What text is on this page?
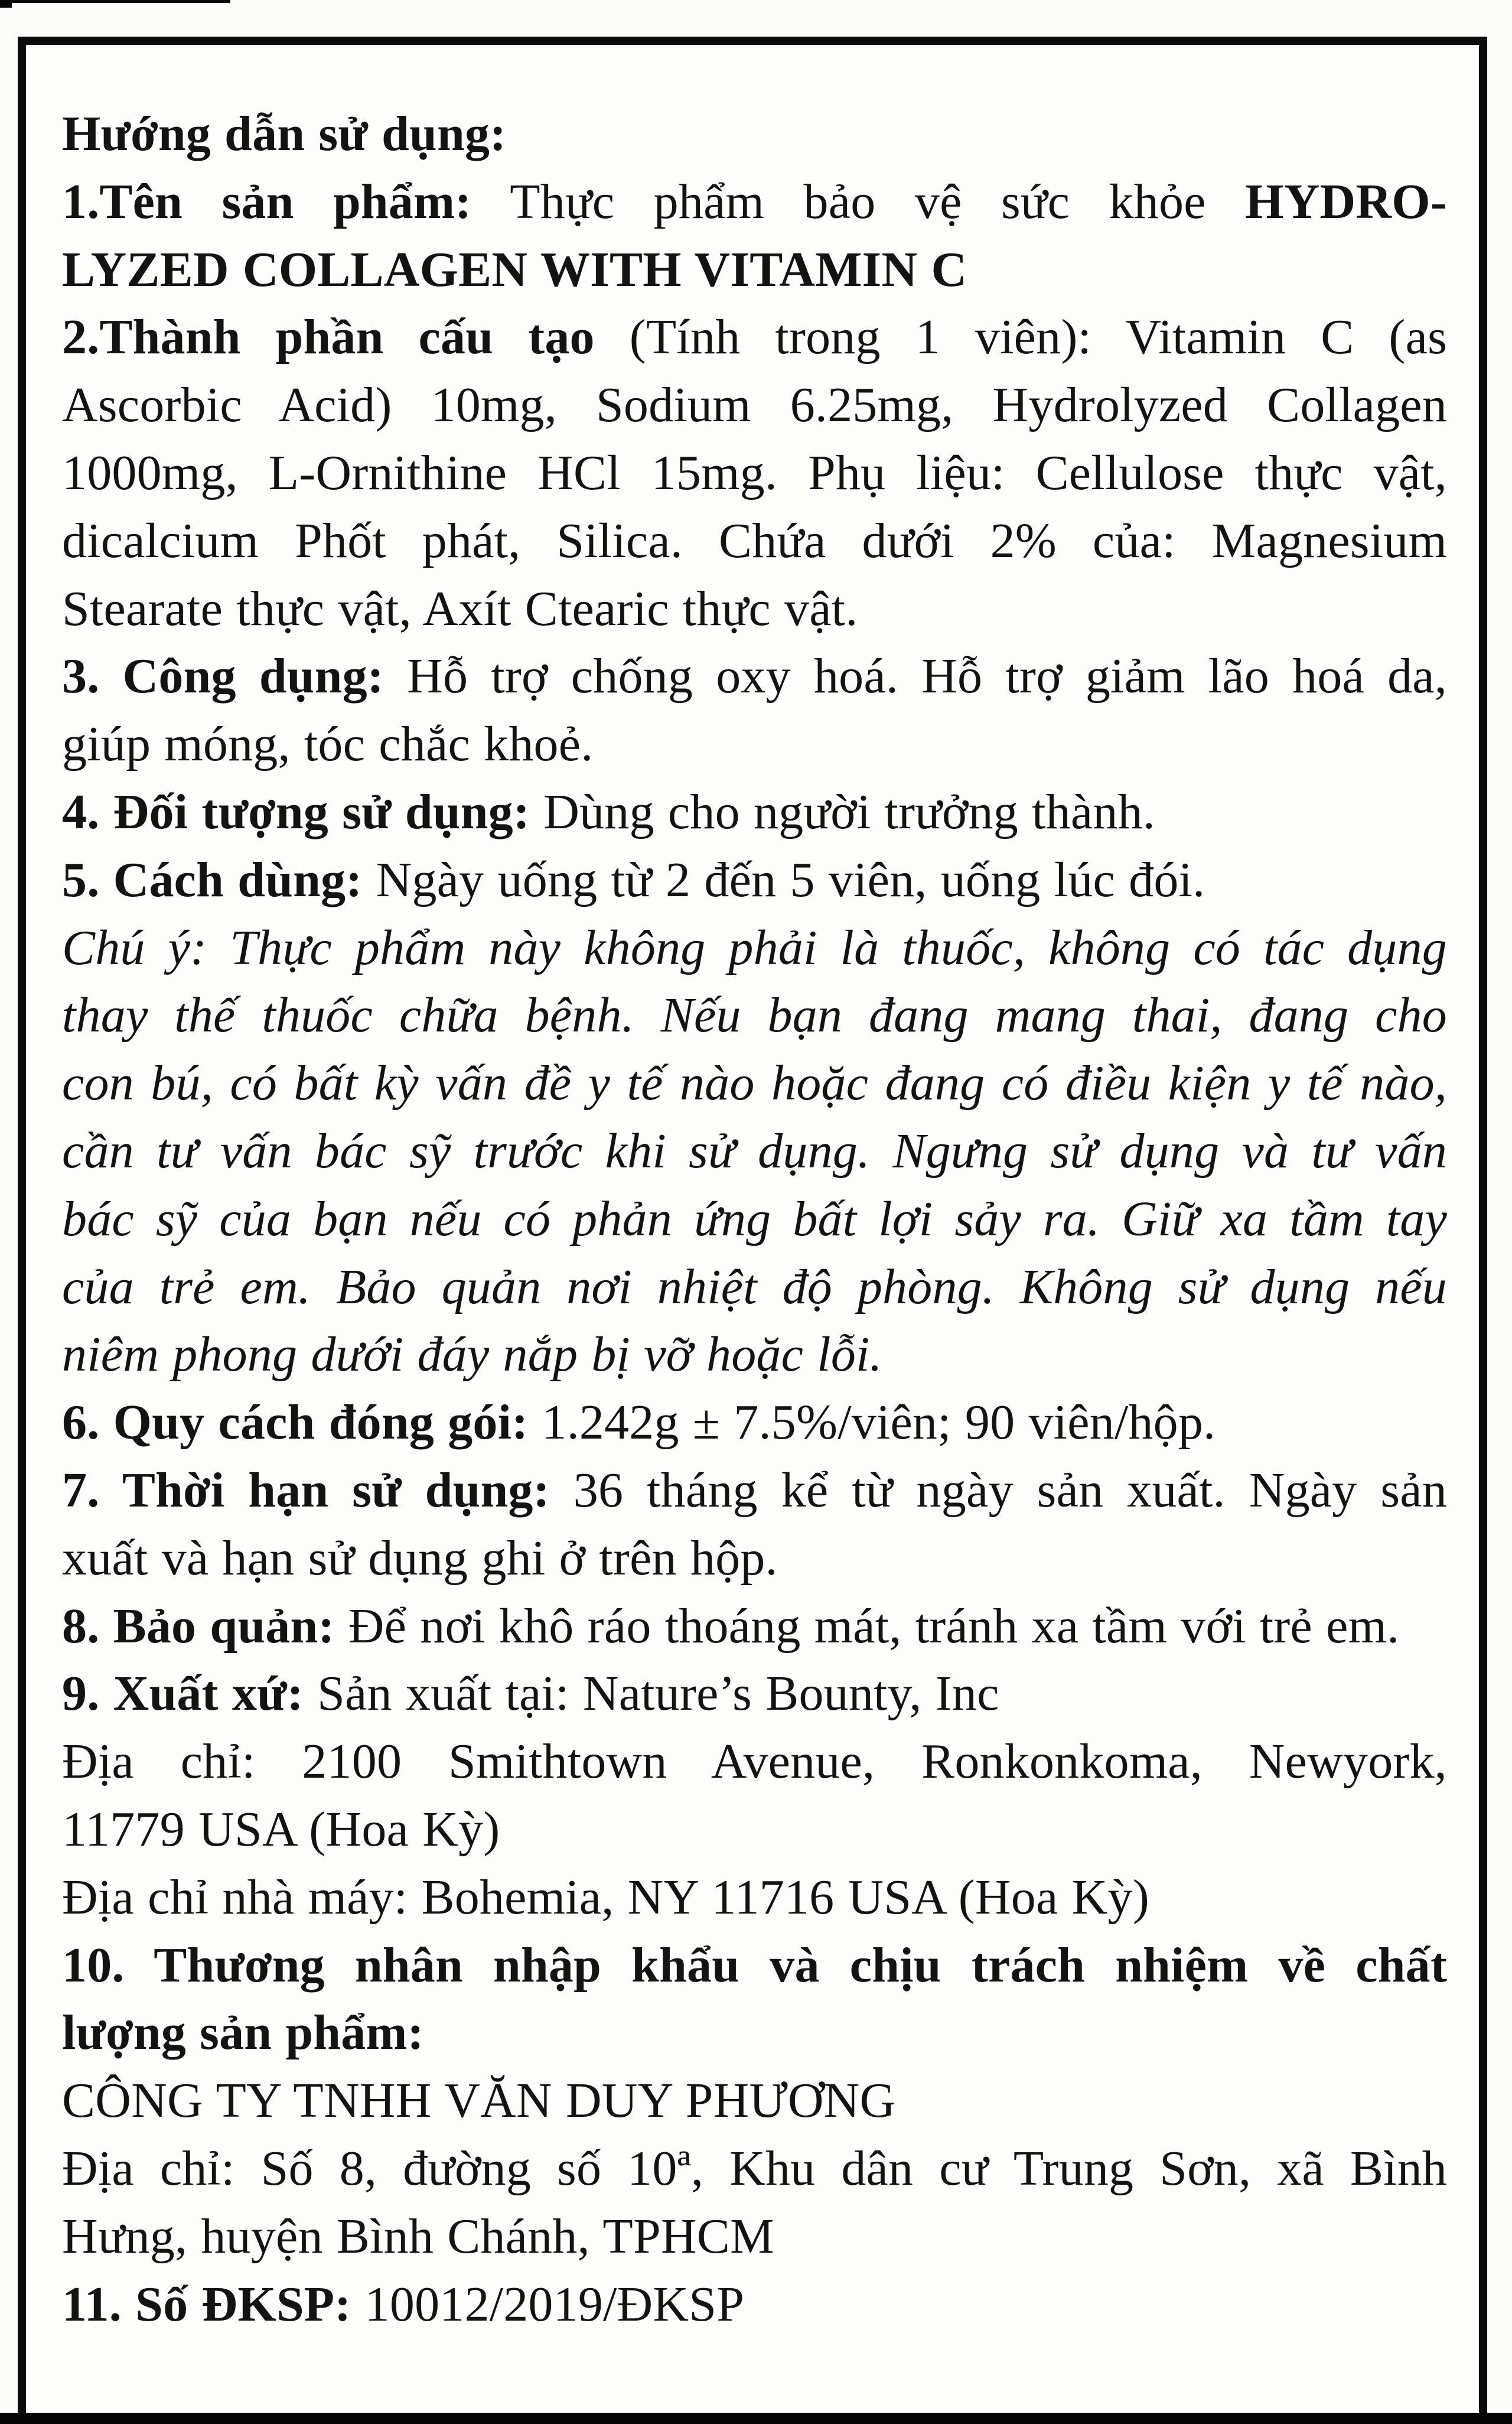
Hướng dẫn sử dụng:
1.Tên sản phẩm: Thực phẩm bảo vệ sức khỏe HYDRO-
LYZED COLLAGEN WITH VITAMIN C
2.Thành phần cấu tạo (Tính trong 1 viên): Vitamin C (as
Ascorbic Acid) 10mg, Sodium 6.25mg, Hydrolyzed Collagen
1000mg, L-Ornithine HCl 15mg. Phụ liệu: Cellulose thực vật,
dicalcium Phốt phát, Silica. Chứa dưới 2% của: Magnesium
Stearate thực vật, Axít Ctearic thực vật.
3. Công dụng: Hỗ trợ chống oxy hoá. Hỗ trợ giảm lão hoá da,
giúp móng, tóc chắc khoẻ.
4. Đối tượng sử dụng: Dùng cho người trưởng thành.
5. Cách dùng: Ngày uống từ 2 đến 5 viên, uống lúc đói.
Chú ý: Thực phẩm này không phải là thuốc, không có tác dụng
thay thế thuốc chữa bệnh. Nếu bạn đang mang thai, đang cho
con bú, có bất kỳ vấn đề y tế nào hoặc đang có điều kiện y tế nào,
cần tư vấn bác sỹ trước khi sử dụng. Ngưng sử dụng và tư vấn
bác sỹ của bạn nếu có phản ứng bất lợi sảy ra. Giữ xa tầm tay
của trẻ em. Bảo quản nơi nhiệt độ phòng. Không sử dụng nếu
niêm phong dưới đáy nắp bị vỡ hoặc lỗi.
6. Quy cách đóng gói: 1.242g ± 7.5%/viên; 90 viên/hộp.
7. Thời hạn sử dụng: 36 tháng kể từ ngày sản xuất. Ngày sản
xuất và hạn sử dụng ghi ở trên hộp.
8. Bảo quản: Để nơi khô ráo thoáng mát, tránh xa tầm với trẻ em.
9. Xuất xứ: Sản xuất tại: Nature’s Bounty, Inc
Địa chỉ: 2100 Smithtown Avenue, Ronkonkoma, Newyork,
11779 USA (Hoa Kỳ)
Địa chỉ nhà máy: Bohemia, NY 11716 USA (Hoa Kỳ)
10. Thương nhân nhập khẩu và chịu trách nhiệm về chất
lượng sản phẩm:
CÔNG TY TNHH VĂN DUY PHƯƠNG
Địa chỉ: Số 8, đường số 10ª, Khu dân cư Trung Sơn, xã Bình
Hưng, huyện Bình Chánh, TPHCM
11. Số ĐKSP: 10012/2019/ĐKSP
